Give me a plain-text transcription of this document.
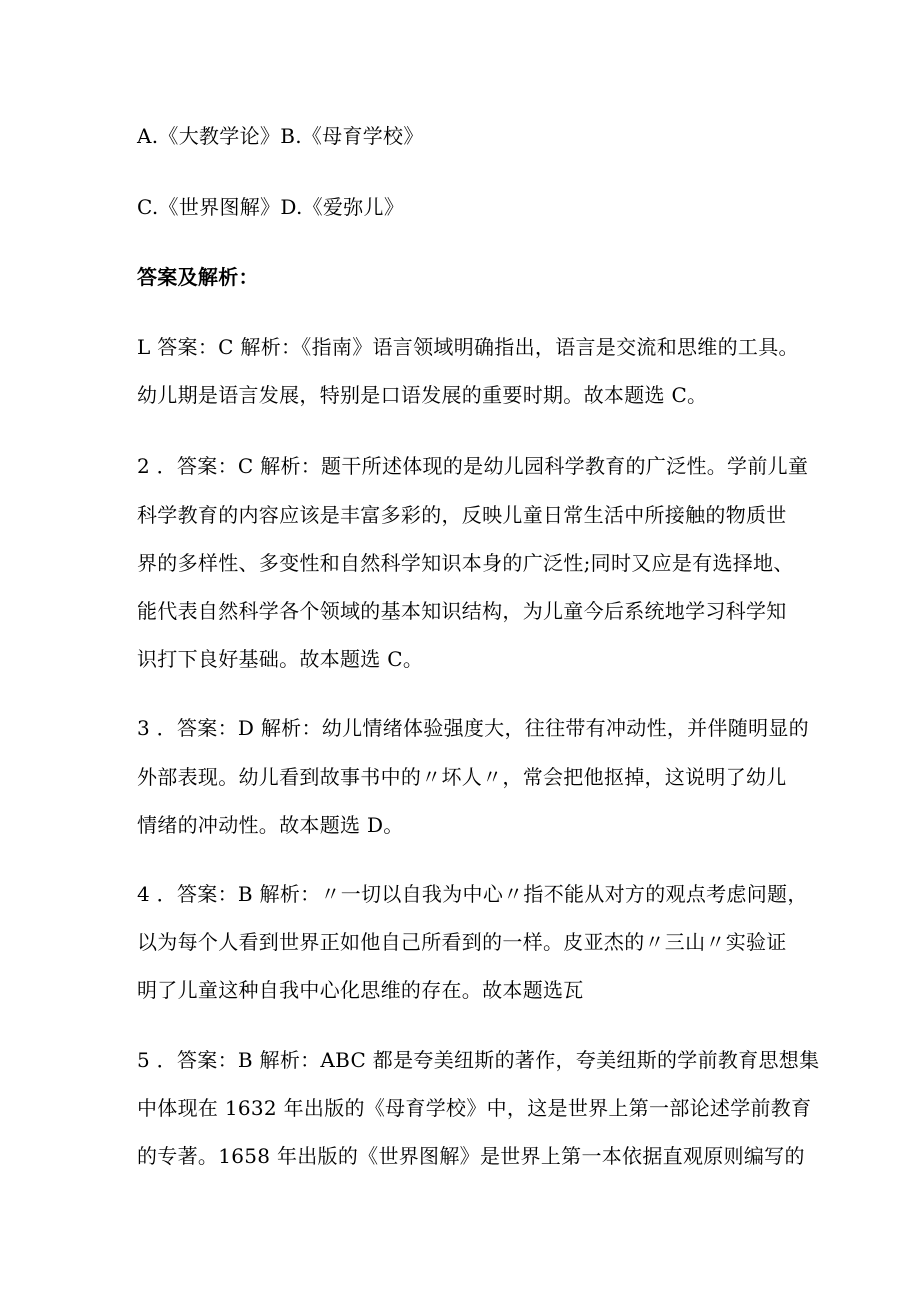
A.《大教学论》B.《母育学校》
C.《世界图解》D.《爱弥儿》
答案及解析：
L 答案：C 解析：《指南》语言领域明确指出，语言是交流和思维的工具。
幼儿期是语言发展，特别是口语发展的重要时期。故本题选 C。
2 ．答案：C 解析：题干所述体现的是幼儿园科学教育的广泛性。学前儿童
科学教育的内容应该是丰富多彩的，反映儿童日常生活中所接触的物质世
界的多样性、多变性和自然科学知识本身的广泛性;同时又应是有选择地、
能代表自然科学各个领域的基本知识结构，为儿童今后系统地学习科学知
识打下良好基础。故本题选 C。
3 ．答案：D 解析：幼儿情绪体验强度大，往往带有冲动性，并伴随明显的
外部表现。幼儿看到故事书中的〃坏人〃，常会把他抠掉，这说明了幼儿
情绪的冲动性。故本题选 D。
4 ．答案：B 解析：〃一切以自我为中心〃指不能从对方的观点考虑问题，
以为每个人看到世界正如他自己所看到的一样。皮亚杰的〃三山〃实验证
明了儿童这种自我中心化思维的存在。故本题选瓦
5 ．答案：B 解析：ABC 都是夸美纽斯的著作，夸美纽斯的学前教育思想集
中体现在 1632 年出版的《母育学校》中，这是世界上第一部论述学前教育
的专著。1658 年出版的《世界图解》是世界上第一本依据直观原则编写的
